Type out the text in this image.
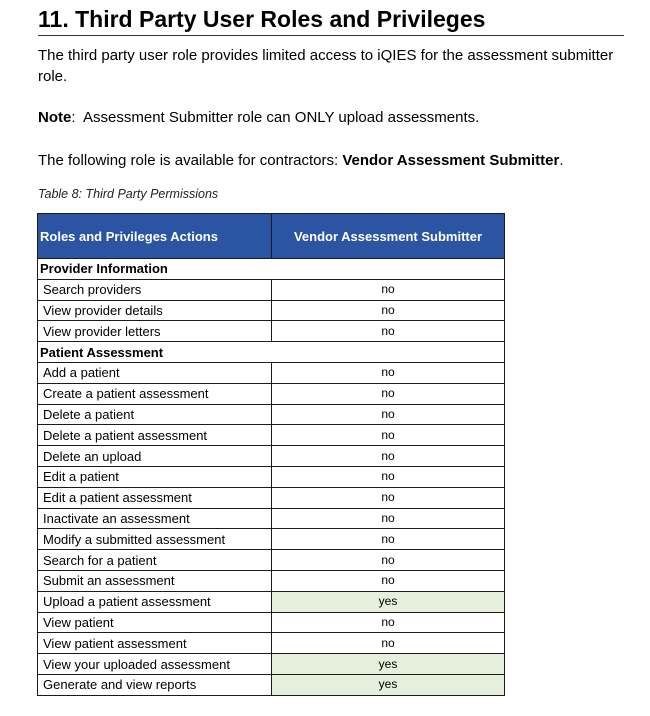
11. Third Party User Roles and Privileges
The third party user role provides limited access to iQIES for the assessment submitter role.
Note: Assessment Submitter role can ONLY upload assessments.
The following role is available for contractors: Vendor Assessment Submitter.
Table 8: Third Party Permissions
Roles and Privileges Actions	Vendor Assessment Submitter
Provider Information	
Search providers	no
View provider details	no
View provider letters	no
Patient Assessment	
Add a patient	no
Create a patient assessment	no
Delete a patient	no
Delete a patient assessment	no
Delete an upload	no
Edit a patient	no
Edit a patient assessment	no
Inactivate an assessment	no
Modify a submitted assessment	no
Search for a patient	no
Submit an assessment	no
Upload a patient assessment	yes
View patient	no
View patient assessment	no
View your uploaded assessment	yes
Generate and view reports	yes
